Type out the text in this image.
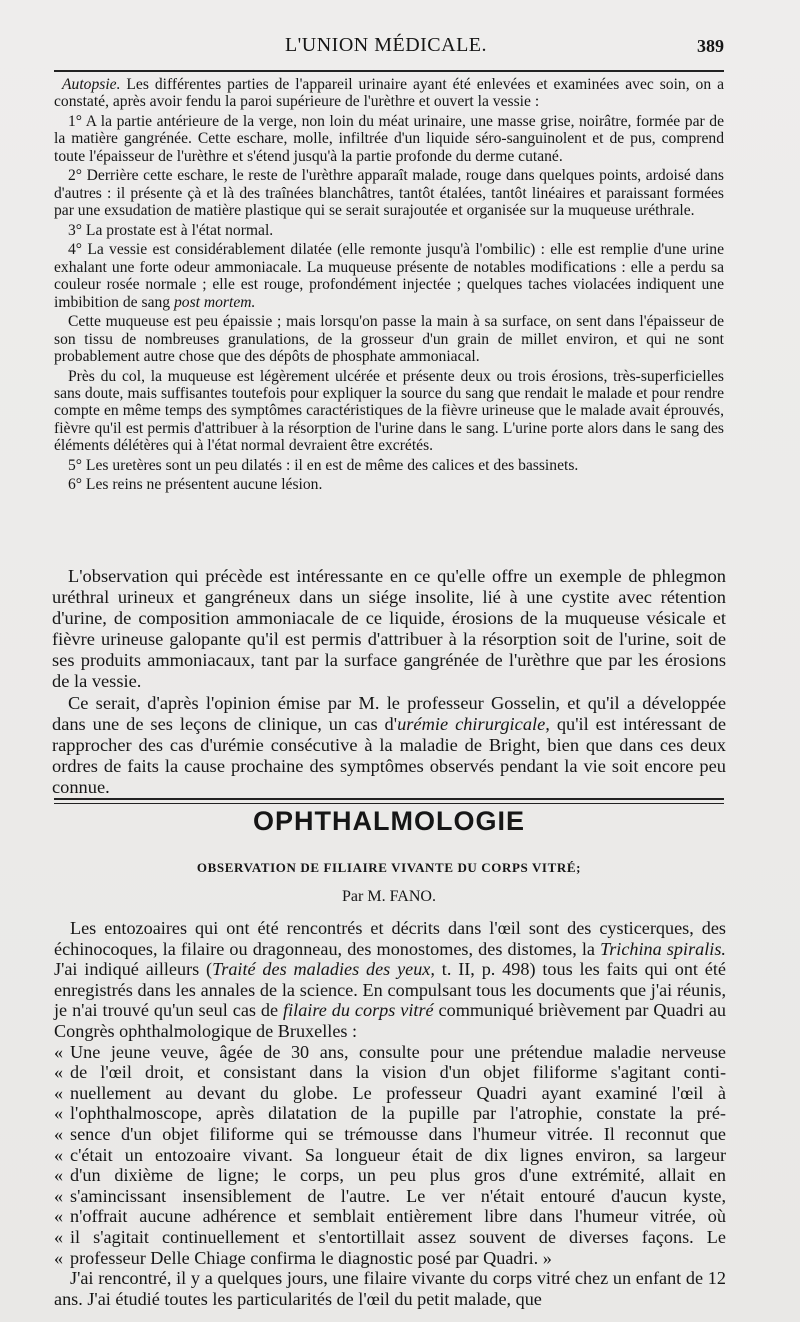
L'UNION MÉDICALE.	389

Autopsie. Les différentes parties de l'appareil urinaire ayant été enlevées et examinées avec soin, on a constaté, après avoir fendu la paroi supérieure de l'urèthre et ouvert la vessie :

1° A la partie antérieure de la verge, non loin du méat urinaire, une masse grise, noirâtre, formée par de la matière gangrénée. Cette eschare, molle, infiltrée d'un liquide séro-sanguinolent et de pus, comprend toute l'épaisseur de l'urèthre et s'étend jusqu'à la partie profonde du derme cutané.

2° Derrière cette eschare, le reste de l'urèthre apparaît malade, rouge dans quelques points, ardoisé dans d'autres : il présente çà et là des traînées blanchâtres, tantôt étalées, tantôt linéaires et paraissant formées par une exsudation de matière plastique qui se serait surajoutée et organisée sur la muqueuse uréthrale.

3° La prostate est à l'état normal.

4° La vessie est considérablement dilatée (elle remonte jusqu'à l'ombilic) : elle est remplie d'une urine exhalant une forte odeur ammoniacale. La muqueuse présente de notables modifications : elle a perdu sa couleur rosée normale ; elle est rouge, profondément injectée ; quelques taches violacées indiquent une imbibition de sang post mortem.

Cette muqueuse est peu épaissie ; mais lorsqu'on passe la main à sa surface, on sent dans l'épaisseur de son tissu de nombreuses granulations, de la grosseur d'un grain de millet environ, et qui ne sont probablement autre chose que des dépôts de phosphate ammoniacal.

Près du col, la muqueuse est légèrement ulcérée et présente deux ou trois érosions, très-superficielles sans doute, mais suffisantes toutefois pour expliquer la source du sang que rendait le malade et pour rendre compte en même temps des symptômes caractéristiques de la fièvre urineuse que le malade avait éprouvés, fièvre qu'il est permis d'attribuer à la résorption de l'urine dans le sang. L'urine porte alors dans le sang des éléments délétères qui à l'état normal devraient être excrétés.

5° Les uretères sont un peu dilatés : il en est de même des calices et des bassinets.

6° Les reins ne présentent aucune lésion.

L'observation qui précède est intéressante en ce qu'elle offre un exemple de phlegmon uréthral urineux et gangréneux dans un siége insolite, lié à une cystite avec rétention d'urine, de composition ammoniacale de ce liquide, érosions de la muqueuse vésicale et fièvre urineuse galopante qu'il est permis d'attribuer à la résorption soit de l'urine, soit de ses produits ammoniacaux, tant par la surface gangrénée de l'urèthre que par les érosions de la vessie.

Ce serait, d'après l'opinion émise par M. le professeur Gosselin, et qu'il a développée dans une de ses leçons de clinique, un cas d'urémie chirurgicale, qu'il est intéressant de rapprocher des cas d'urémie consécutive à la maladie de Bright, bien que dans ces deux ordres de faits la cause prochaine des symptômes observés pendant la vie soit encore peu connue.

OPHTHALMOLOGIE
OBSERVATION DE FILIAIRE VIVANTE DU CORPS VITRÉ;
Par M. FANO.

Les entozoaires qui ont été rencontrés et décrits dans l'œil sont des cysticerques, des échinocoques, la filaire ou dragonneau, des monostomes, des distomes, la Trichina spiralis. J'ai indiqué ailleurs (Traité des maladies des yeux, t. II, p. 498) tous les faits qui ont été enregistrés dans les annales de la science. En compulsant tous les documents que j'ai réunis, je n'ai trouvé qu'un seul cas de filaire du corps vitré communiqué brièvement par Quadri au Congrès ophthalmologique de Bruxelles :

« Une jeune veuve, âgée de 30 ans, consulte pour une prétendue maladie nerveuse
« de l'œil droit, et consistant dans la vision d'un objet filiforme s'agitant conti-
« nuellement au devant du globe. Le professeur Quadri ayant examiné l'œil à
« l'ophthalmoscope, après dilatation de la pupille par l'atrophie, constate la pré-
« sence d'un objet filiforme qui se trémousse dans l'humeur vitrée. Il reconnut que
« c'était un entozoaire vivant. Sa longueur était de dix lignes environ, sa largeur
« d'un dixième de ligne; le corps, un peu plus gros d'une extrémité, allait en
« s'amincissant insensiblement de l'autre. Le ver n'était entouré d'aucun kyste,
« n'offrait aucune adhérence et semblait entièrement libre dans l'humeur vitrée, où
« il s'agitait continuellement et s'entortillait assez souvent de diverses façons. Le
« professeur Delle Chiage confirma le diagnostic posé par Quadri. »

J'ai rencontré, il y a quelques jours, une filaire vivante du corps vitré chez un enfant de 12 ans. J'ai étudié toutes les particularités de l'œil du petit malade, que
